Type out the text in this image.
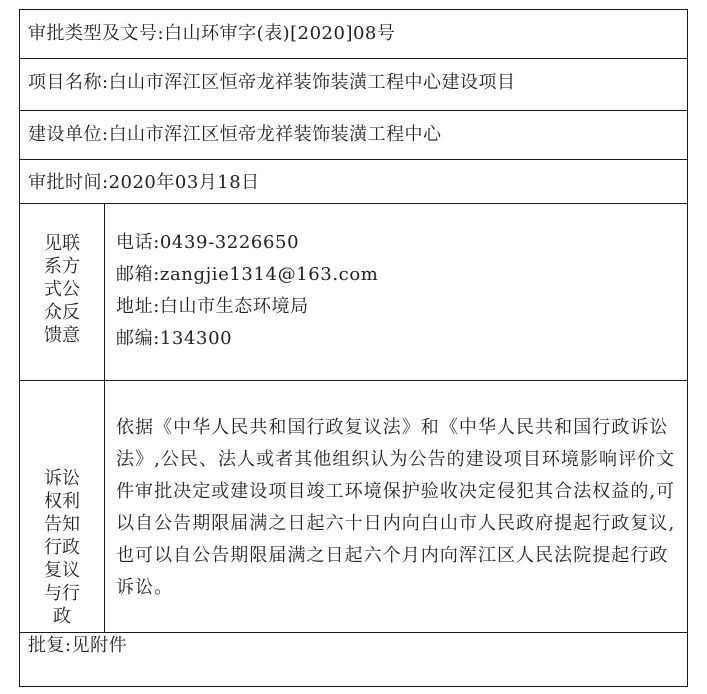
审批类型及文号:白山环审字(表)[2020]08号
项目名称:白山市浑江区恒帝龙祥装饰装潢工程中心建设项目
建设单位:白山市浑江区恒帝龙祥装饰装潢工程中心
审批时间:2020年03月18日
见联系方式公众反馈意
电话:0439-3226650
邮箱:zangjie1314@163.com
地址:白山市生态环境局
邮编:134300
诉讼权利告知行政复议与行政
依据《中华人民共和国行政复议法》和《中华人民共和国行政诉讼法》,公民、法人或者其他组织认为公告的建设项目环境影响评价文件审批决定或建设项目竣工环境保护验收决定侵犯其合法权益的,可以自公告期限届满之日起六十日内向白山市人民政府提起行政复议,也可以自公告期限届满之日起六个月内向浑江区人民法院提起行政诉讼。
批复:见附件
